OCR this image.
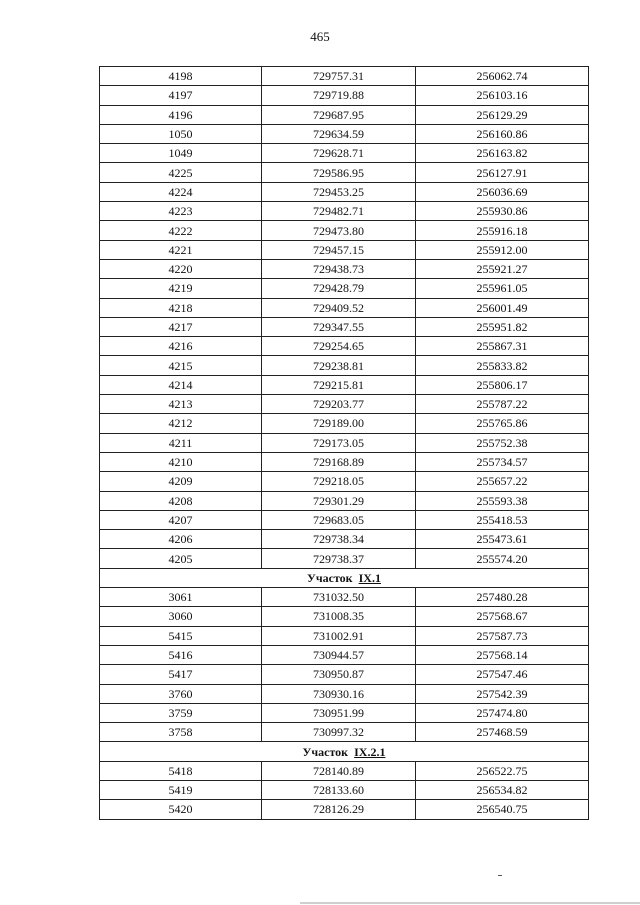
465
4198	729757.31	256062.74
4197	729719.88	256103.16
4196	729687.95	256129.29
1050	729634.59	256160.86
1049	729628.71	256163.82
4225	729586.95	256127.91
4224	729453.25	256036.69
4223	729482.71	255930.86
4222	729473.80	255916.18
4221	729457.15	255912.00
4220	729438.73	255921.27
4219	729428.79	255961.05
4218	729409.52	256001.49
4217	729347.55	255951.82
4216	729254.65	255867.31
4215	729238.81	255833.82
4214	729215.81	255806.17
4213	729203.77	255787.22
4212	729189.00	255765.86
4211	729173.05	255752.38
4210	729168.89	255734.57
4209	729218.05	255657.22
4208	729301.29	255593.38
4207	729683.05	255418.53
4206	729738.34	255473.61
4205	729738.37	255574.20
Участок IX.1		
3061	731032.50	257480.28
3060	731008.35	257568.67
5415	731002.91	257587.73
5416	730944.57	257568.14
5417	730950.87	257547.46
3760	730930.16	257542.39
3759	730951.99	257474.80
3758	730997.32	257468.59
Участок IX.2.1		
5418	728140.89	256522.75
5419	728133.60	256534.82
5420	728126.29	256540.75
